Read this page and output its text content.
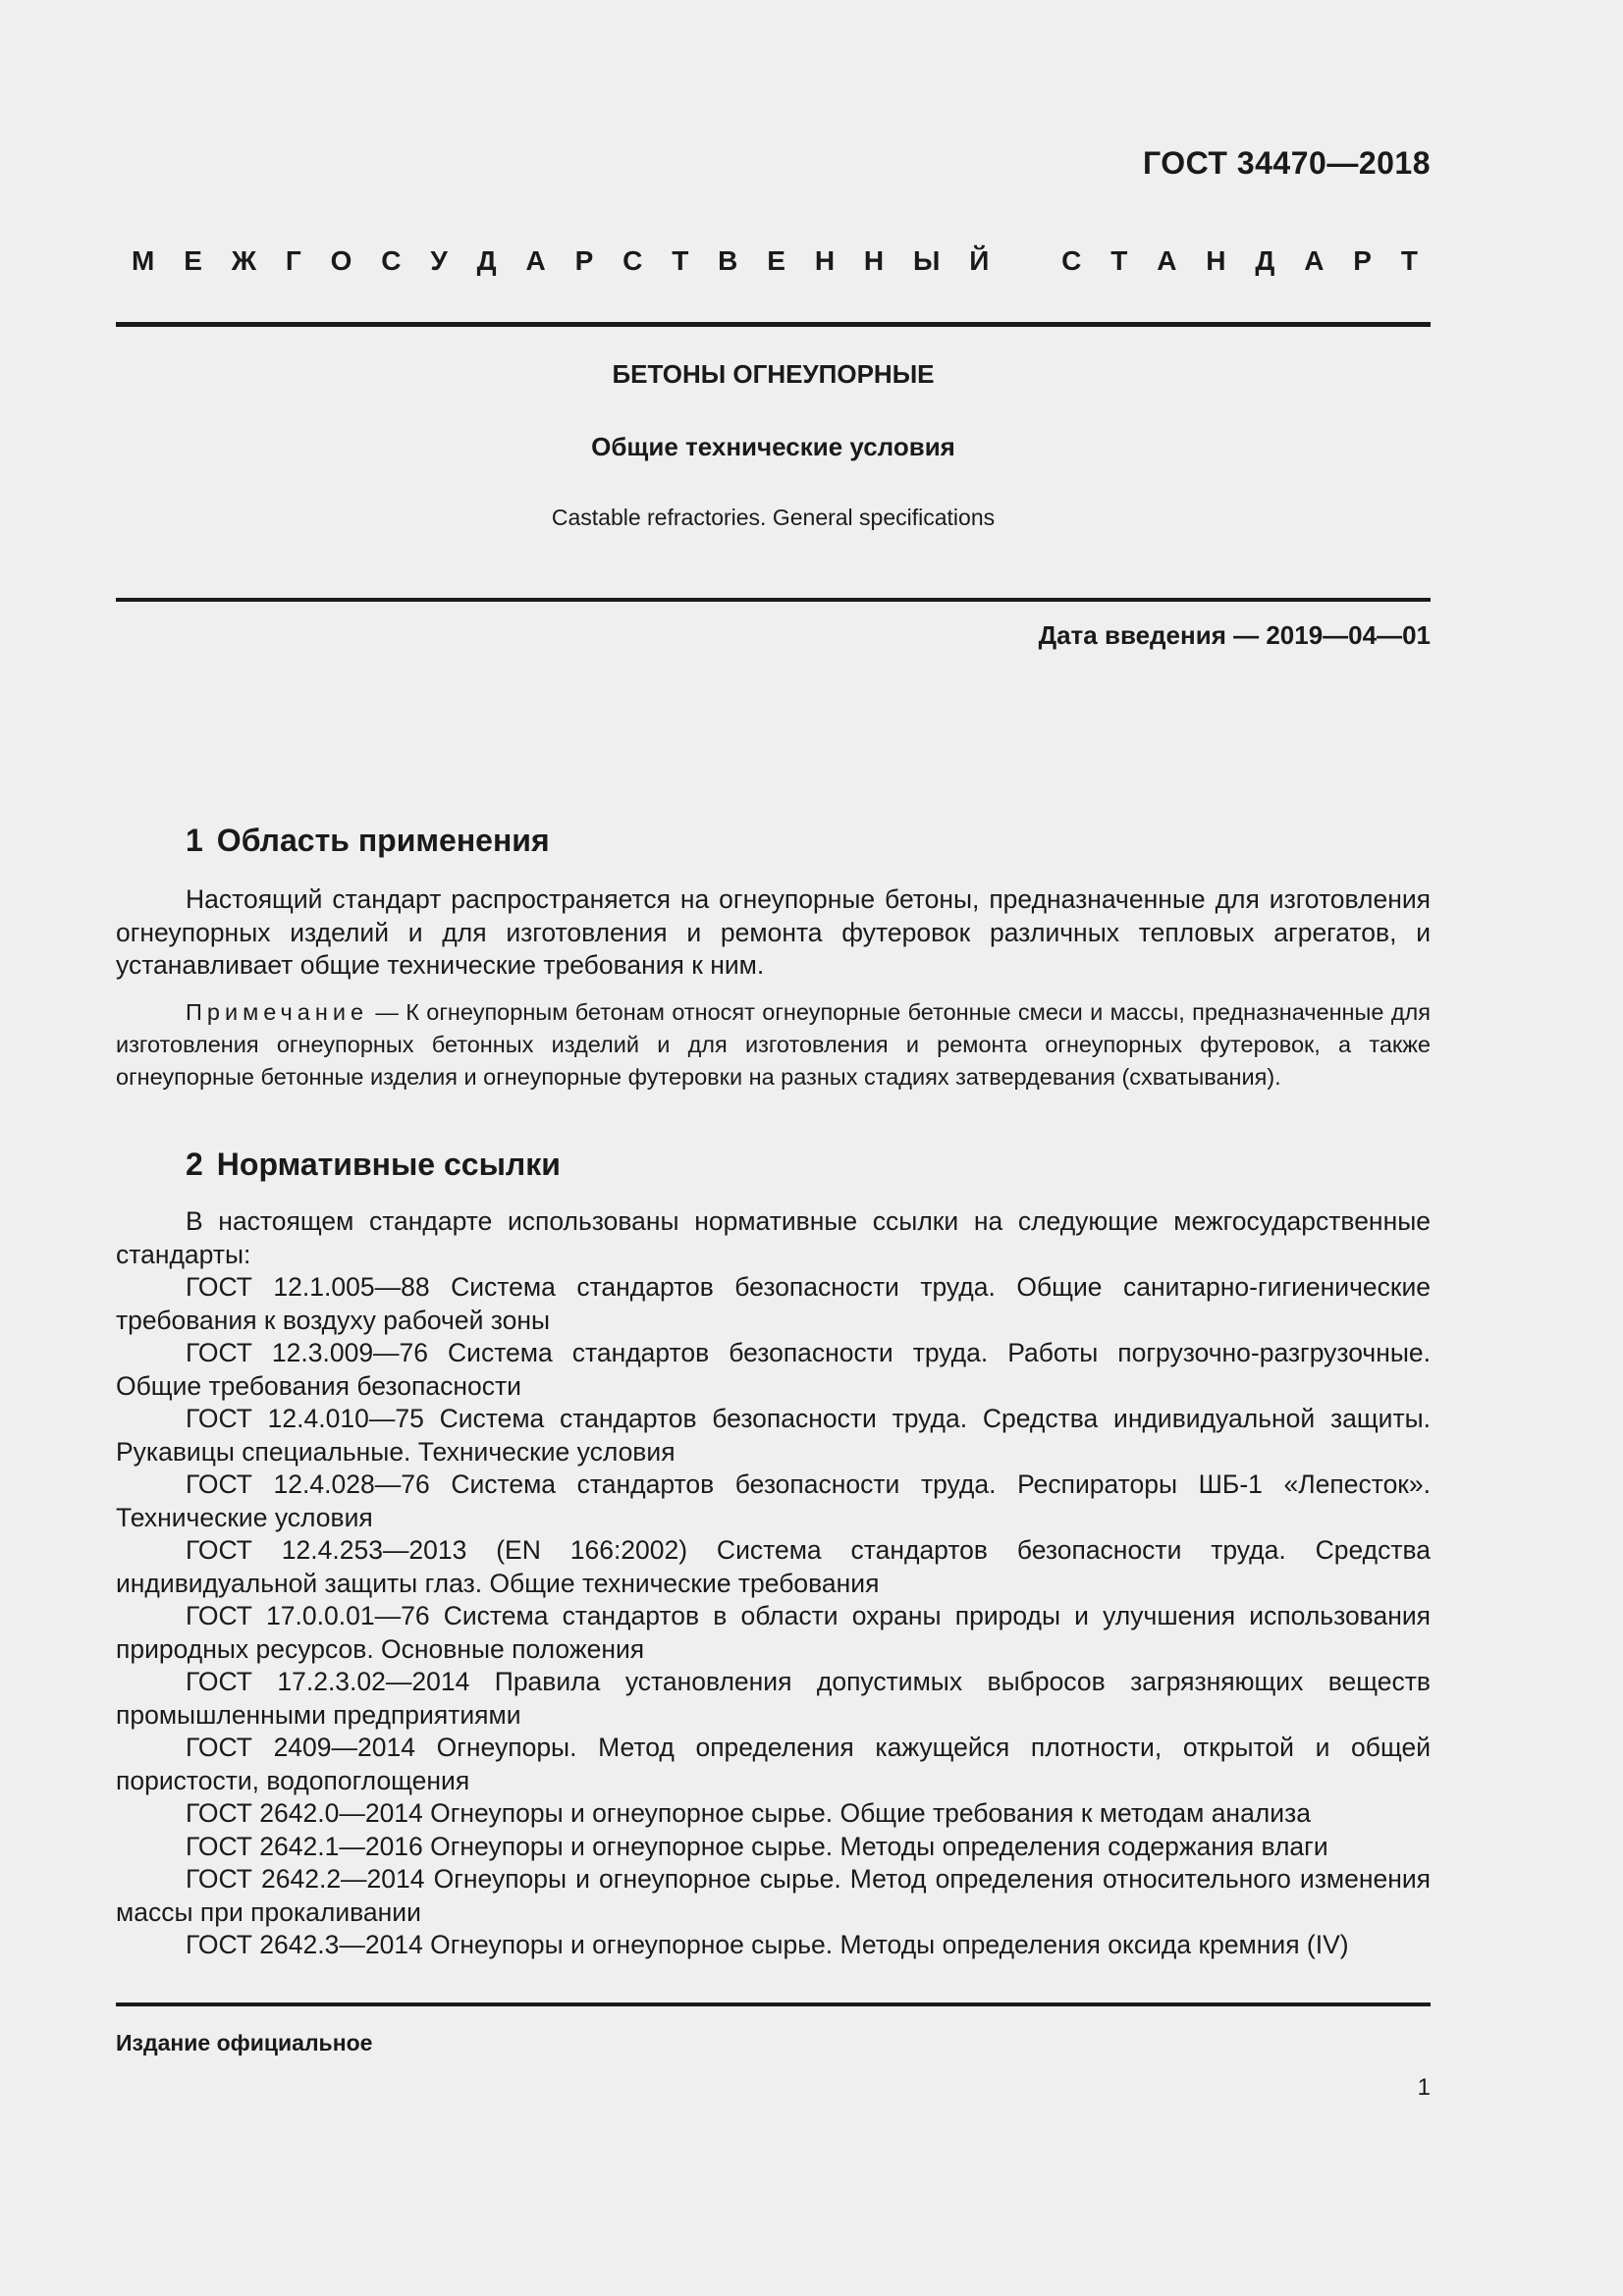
ГОСТ 34470—2018
М Е Ж Г О С У Д А Р С Т В Е Н Н Ы Й	С Т А Н Д А Р Т
БЕТОНЫ ОГНЕУПОРНЫЕ
Общие технические условия
Castable refractories. General specifications
Дата введения — 2019—04—01
1 Область применения

Настоящий стандарт распространяется на огнеупорные бетоны, предназначенные для изготовления огнеупорных изделий и для изготовления и ремонта футеровок различных тепловых агрегатов, и устанавливает общие технические требования к ним.

Примечание — К огнеупорным бетонам относят огнеупорные бетонные смеси и массы, предназначенные для изготовления огнеупорных бетонных изделий и для изготовления и ремонта огнеупорных футеровок, а также огнеупорные бетонные изделия и огнеупорные футеровки на разных стадиях затвердевания (схватывания).

2 Нормативные ссылки

В настоящем стандарте использованы нормативные ссылки на следующие межгосударственные стандарты:

ГОСТ 12.1.005—88 Система стандартов безопасности труда. Общие санитарно-гигиенические требования к воздуху рабочей зоны

ГОСТ 12.3.009—76 Система стандартов безопасности труда. Работы погрузочно-разгрузочные. Общие требования безопасности

ГОСТ 12.4.010—75 Система стандартов безопасности труда. Средства индивидуальной защиты. Рукавицы специальные. Технические условия

ГОСТ 12.4.028—76 Система стандартов безопасности труда. Респираторы ШБ-1 «Лепесток». Технические условия

ГОСТ 12.4.253—2013 (EN 166:2002) Система стандартов безопасности труда. Средства индивидуальной защиты глаз. Общие технические требования

ГОСТ 17.0.0.01—76 Система стандартов в области охраны природы и улучшения использования природных ресурсов. Основные положения

ГОСТ 17.2.3.02—2014 Правила установления допустимых выбросов загрязняющих веществ промышленными предприятиями

ГОСТ 2409—2014 Огнеупоры. Метод определения кажущейся плотности, открытой и общей пористости, водопоглощения

ГОСТ 2642.0—2014 Огнеупоры и огнеупорное сырье. Общие требования к методам анализа

ГОСТ 2642.1—2016 Огнеупоры и огнеупорное сырье. Методы определения содержания влаги

ГОСТ 2642.2—2014 Огнеупоры и огнеупорное сырье. Метод определения относительного изменения массы при прокаливании

ГОСТ 2642.3—2014 Огнеупоры и огнеупорное сырье. Методы определения оксида кремния (IV)

Издание официальное
1
